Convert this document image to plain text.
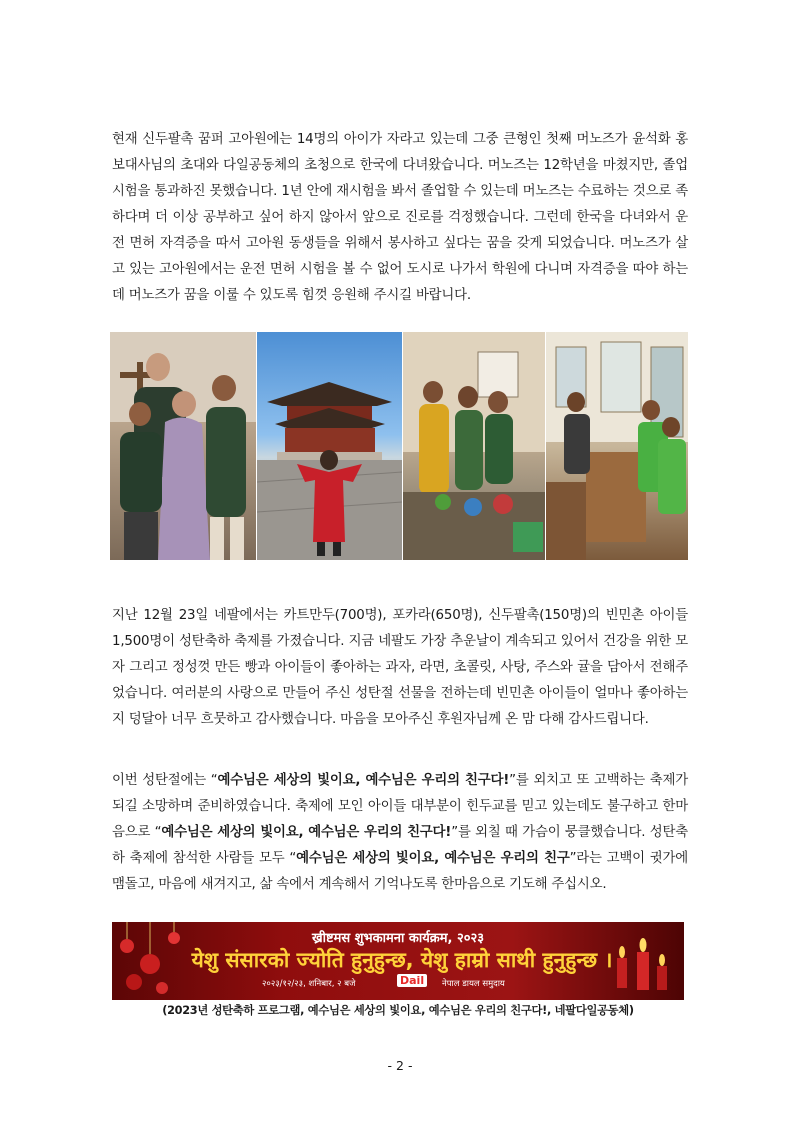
현재 신두팔촉 꿈퍼 고아원에는 14명의 아이가 자라고 있는데 그중 큰형인 첫째 머노즈가 윤석화 홍보대사님의 초대와 다일공동체의 초청으로 한국에 다녀왔습니다. 머노즈는 12학년을 마쳤지만, 졸업시험을 통과하진 못했습니다. 1년 안에 재시험을 봐서 졸업할 수 있는데 머노즈는 수료하는 것으로 족하다며 더 이상 공부하고 싶어 하지 않아서 앞으로 진로를 걱정했습니다. 그런데 한국을 다녀와서 운전 면허 자격증을 따서 고아원 동생들을 위해서 봉사하고 싶다는 꿈을 갖게 되었습니다. 머노즈가 살고 있는 고아원에서는 운전 면허 시험을 볼 수 없어 도시로 나가서 학원에 다니며 자격증을 따야 하는데 머노즈가 꿈을 이룰 수 있도록 힘껏 응원해 주시길 바랍니다.

지난 12월 23일 네팔에서는 카트만두(700명), 포카라(650명), 신두팔촉(150명)의 빈민촌 아이들 1,500명이 성탄축하 축제를 가졌습니다. 지금 네팔도 가장 추운날이 계속되고 있어서 건강을 위한 모자 그리고 정성껏 만든 빵과 아이들이 좋아하는 과자, 라면, 초콜릿, 사탕, 주스와 귤을 담아서 전해주었습니다. 여러분의 사랑으로 만들어 주신 성탄절 선물을 전하는데 빈민촌 아이들이 얼마나 좋아하는지 덩달아 너무 흐뭇하고 감사했습니다. 마음을 모아주신 후원자님께 온 맘 다해 감사드립니다.

이번 성탄절에는 “예수님은 세상의 빛이요, 예수님은 우리의 친구다!”를 외치고 또 고백하는 축제가 되길 소망하며 준비하였습니다. 축제에 모인 아이들 대부분이 힌두교를 믿고 있는데도 불구하고 한마음으로 “예수님은 세상의 빛이요, 예수님은 우리의 친구다!”를 외칠 때 가슴이 뭉클했습니다. 성탄축하 축제에 참석한 사람들 모두 “예수님은 세상의 빛이요, 예수님은 우리의 친구”라는 고백이 귓가에 맴돌고, 마음에 새겨지고, 삶 속에서 계속해서 기억나도록 한마음으로 기도해 주십시오.

ख्रीष्टमस शुभकामना कार्यक्रम, २०२३
येशु संसारको ज्योति हुनुहुन्छ, येशु हाम्रो साथी हुनुहुन्छ ।
२०२३/१२/२३, शनिबार, २ बजे	Dail	नेपाल डायल समुदाय
(2023년 성탄축하 프로그램, 예수님은 세상의 빛이요, 예수님은 우리의 친구다!, 네팔다일공동체)
- 2 -
